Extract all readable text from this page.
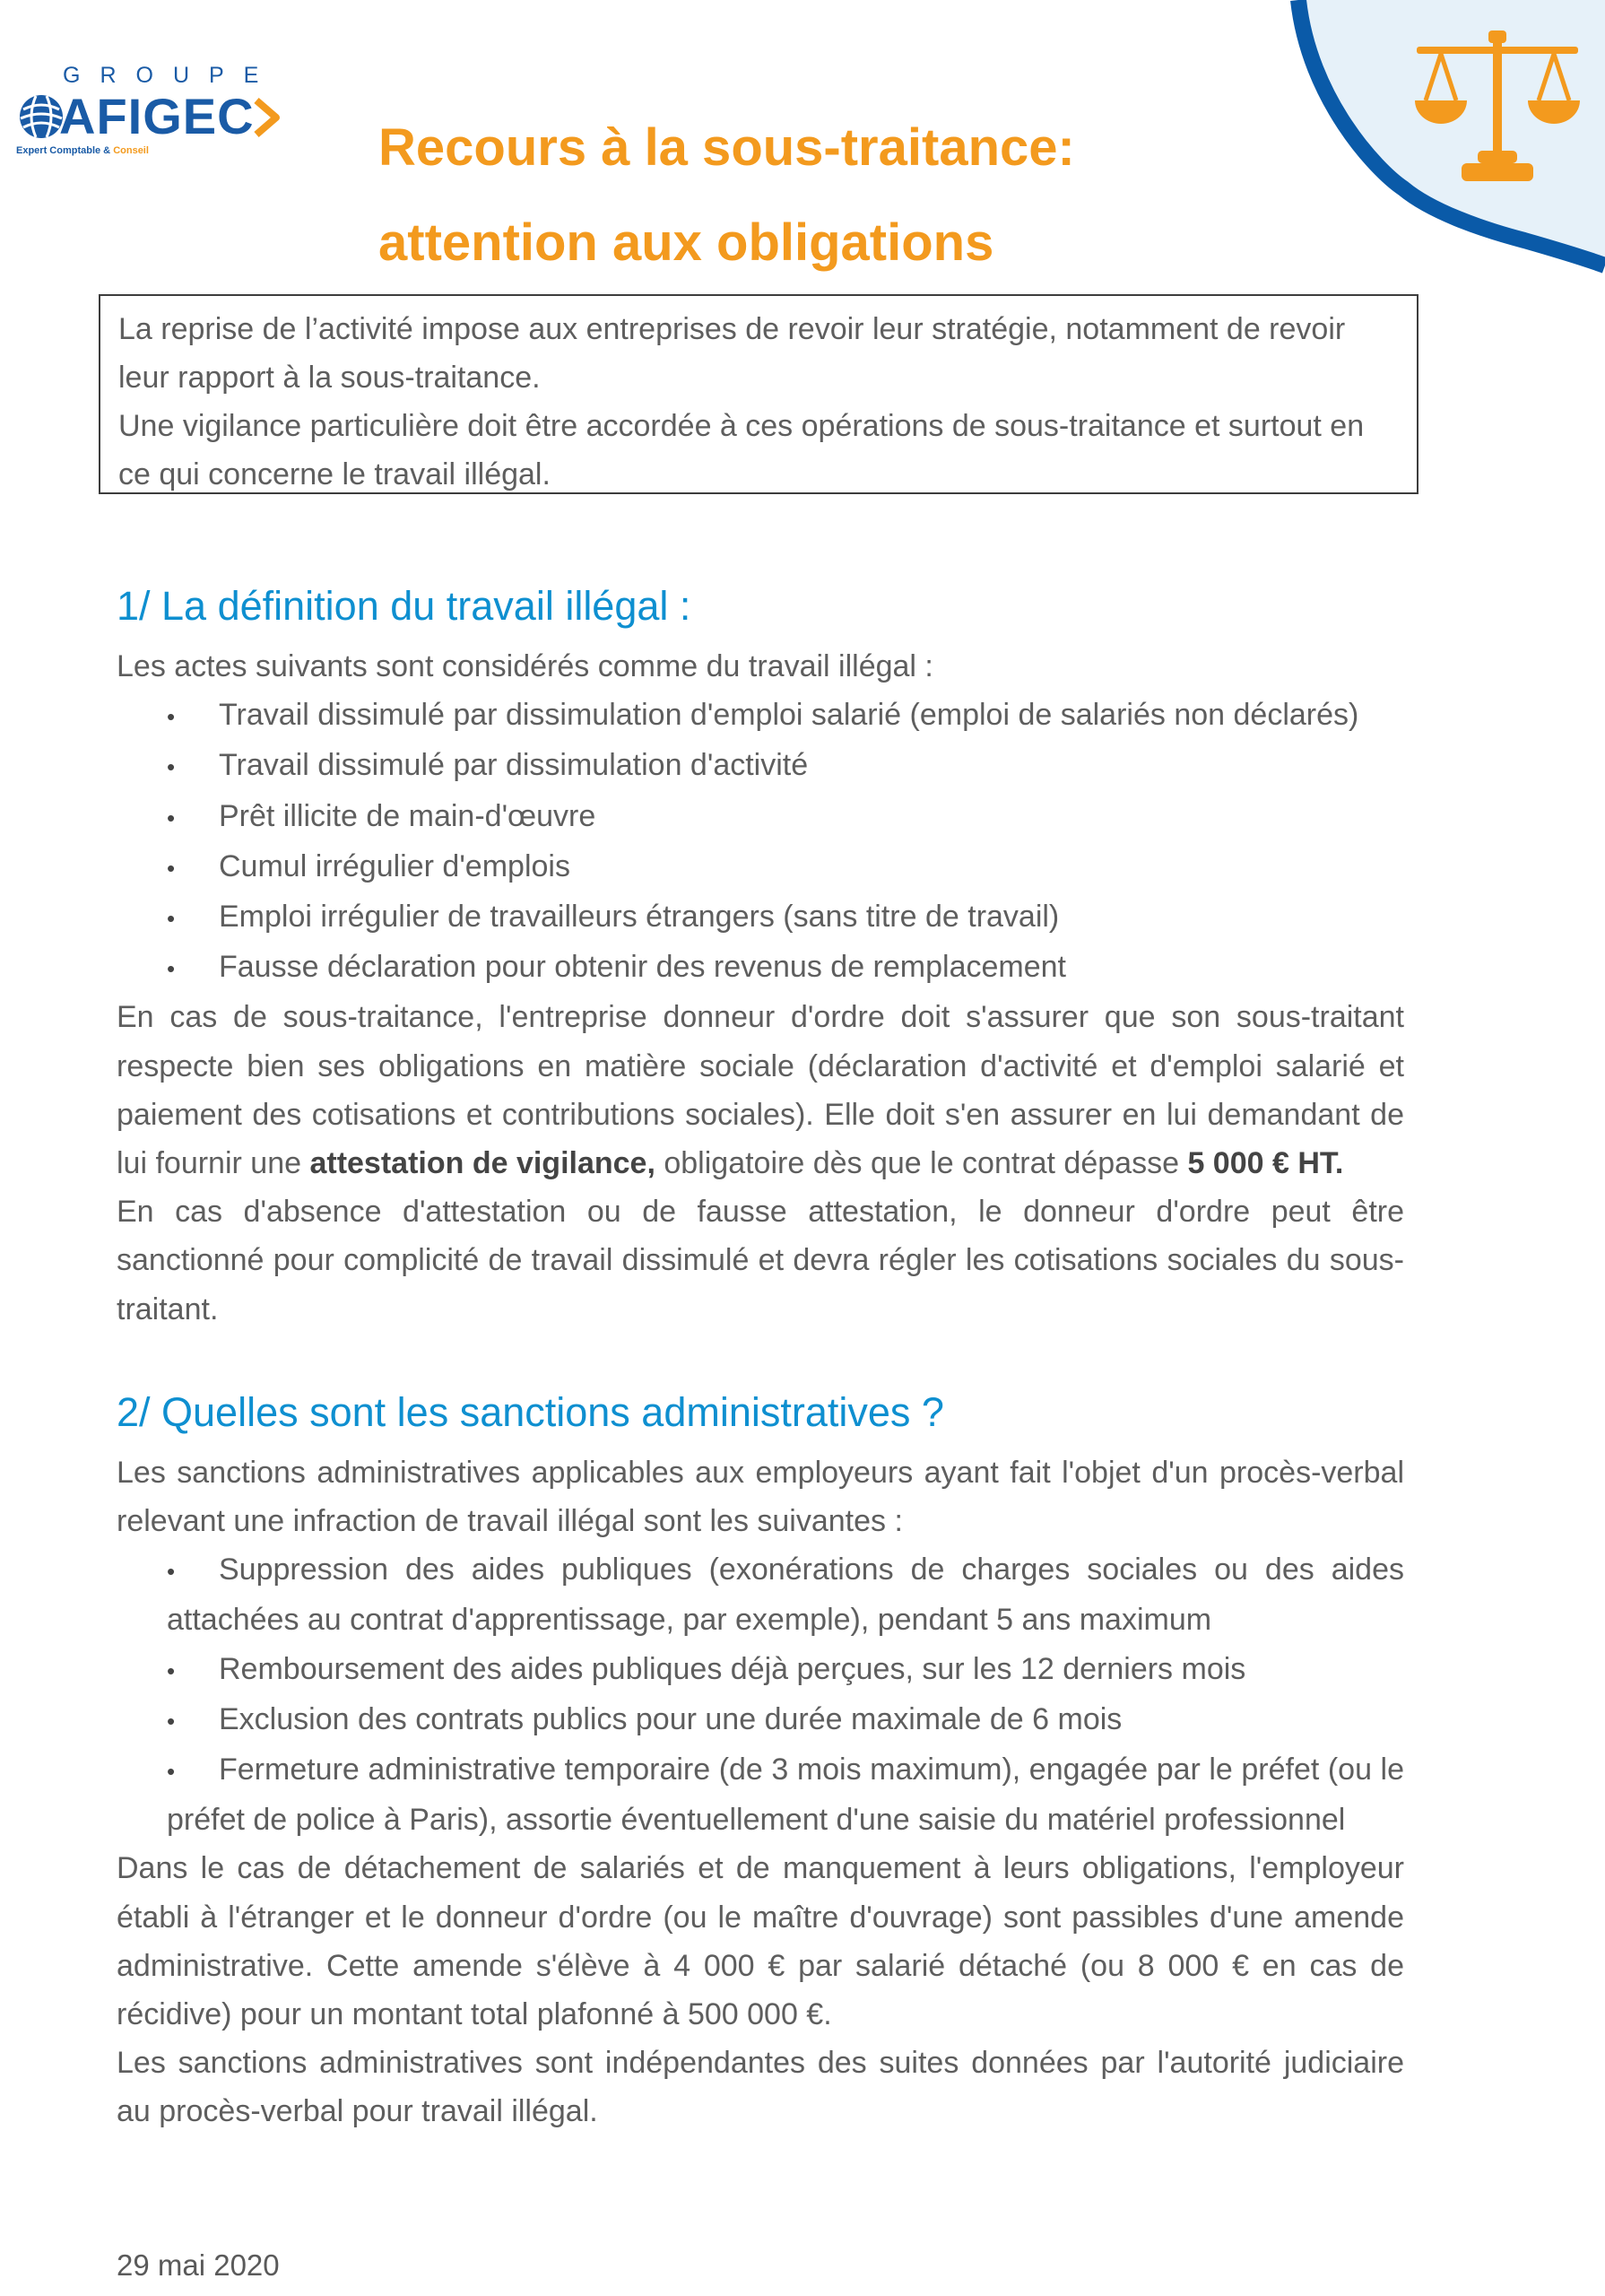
GROUPE
AFIGEC
Expert Comptable & Conseil	Recours à la sous-traitance: attention aux obligations

La reprise de l’activité impose aux entreprises de revoir leur stratégie, notamment de revoir leur rapport à la sous-traitance.

Une vigilance particulière doit être accordée à ces opérations de sous-traitance et surtout en ce qui concerne le travail illégal.

1/ La définition du travail illégal :

Les actes suivants sont considérés comme du travail illégal :

• Travail dissimulé par dissimulation d'emploi salarié (emploi de salariés non déclarés)
• Travail dissimulé par dissimulation d'activité
• Prêt illicite de main-d'œuvre
• Cumul irrégulier d'emplois
• Emploi irrégulier de travailleurs étrangers (sans titre de travail)
• Fausse déclaration pour obtenir des revenus de remplacement

En cas de sous-traitance, l'entreprise donneur d'ordre doit s'assurer que son sous-traitant respecte bien ses obligations en matière sociale (déclaration d'activité et d'emploi salarié et paiement des cotisations et contributions sociales). Elle doit s'en assurer en lui demandant de lui fournir une attestation de vigilance, obligatoire dès que le contrat dépasse 5 000 € HT.

En cas d'absence d'attestation ou de fausse attestation, le donneur d'ordre peut être sanctionné pour complicité de travail dissimulé et devra régler les cotisations sociales du sous-traitant.

2/ Quelles sont les sanctions administratives ?

Les sanctions administratives applicables aux employeurs ayant fait l'objet d'un procès-verbal relevant une infraction de travail illégal sont les suivantes :

• Suppression des aides publiques (exonérations de charges sociales ou des aides attachées au contrat d'apprentissage, par exemple), pendant 5 ans maximum
• Remboursement des aides publiques déjà perçues, sur les 12 derniers mois
• Exclusion des contrats publics pour une durée maximale de 6 mois
• Fermeture administrative temporaire (de 3 mois maximum), engagée par le préfet (ou le préfet de police à Paris), assortie éventuellement d'une saisie du matériel professionnel

Dans le cas de détachement de salariés et de manquement à leurs obligations, l'employeur établi à l'étranger et le donneur d'ordre (ou le maître d'ouvrage) sont passibles d'une amende administrative. Cette amende s'élève à 4 000 € par salarié détaché (ou 8 000 € en cas de récidive) pour un montant total plafonné à 500 000 €.

Les sanctions administratives sont indépendantes des suites données par l'autorité judiciaire au procès-verbal pour travail illégal.

29 mai 2020
